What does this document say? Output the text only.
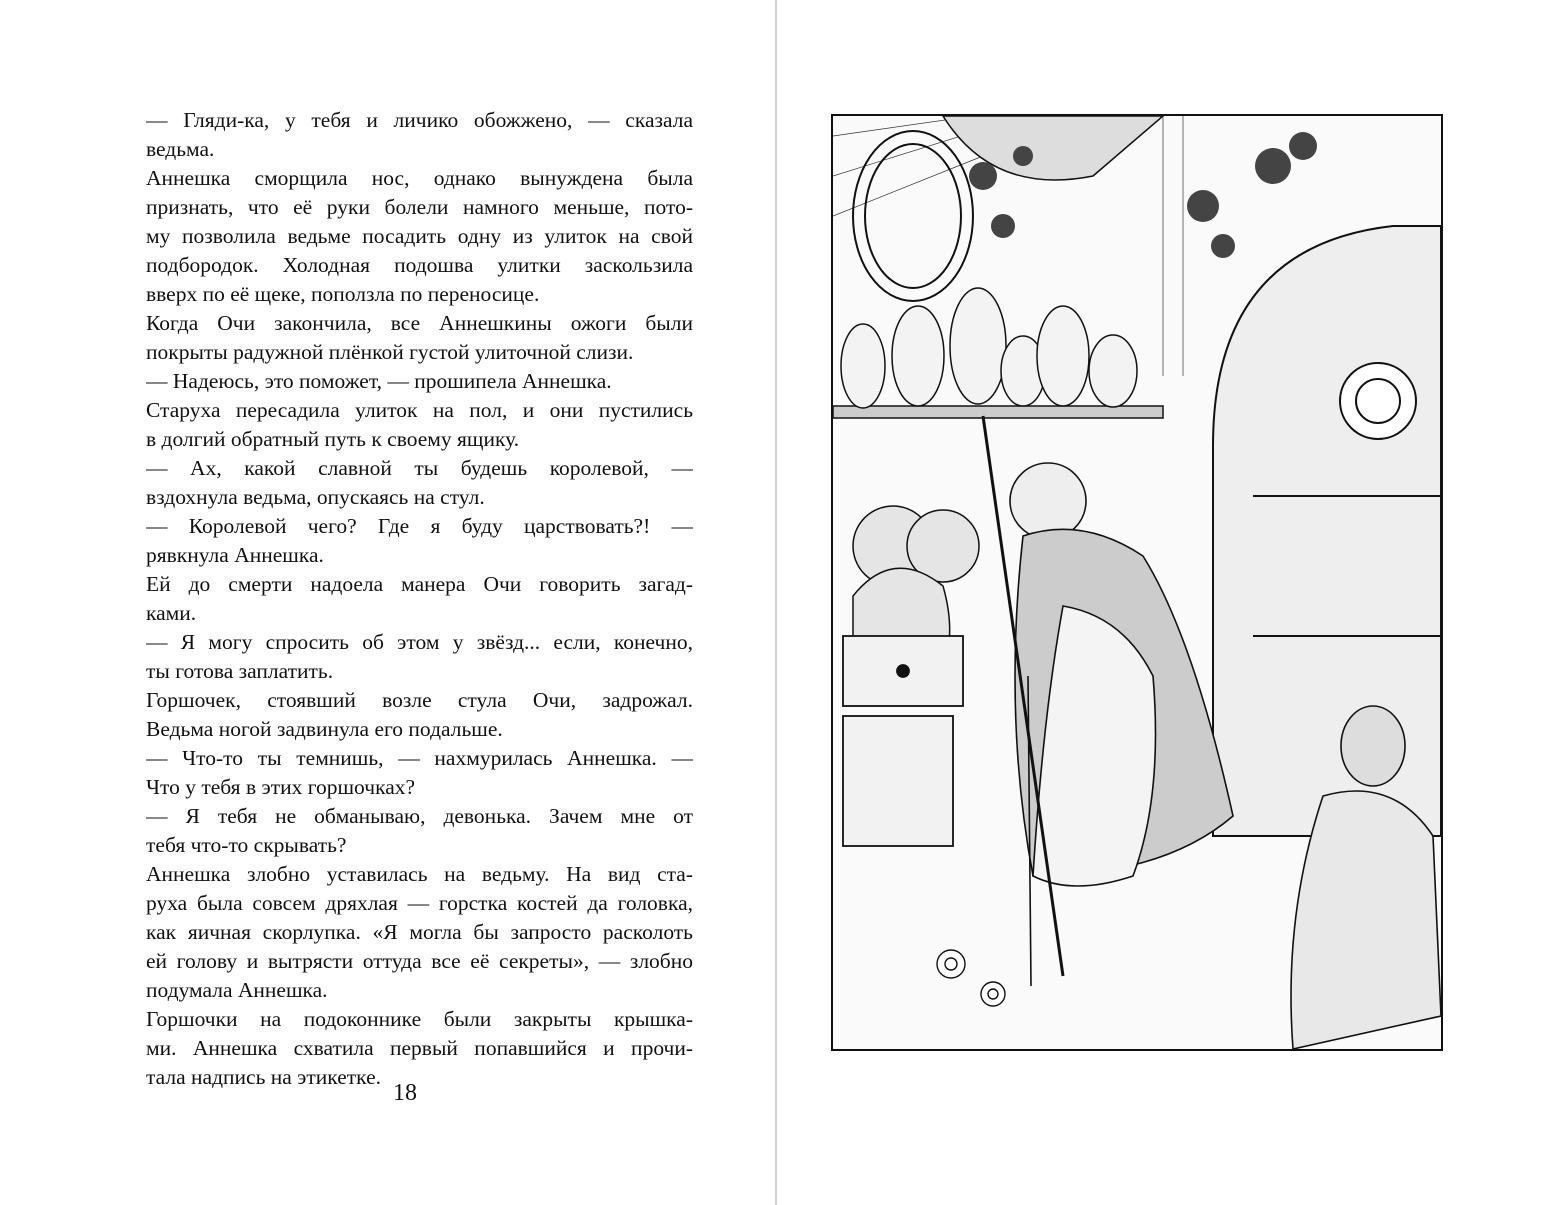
— Гляди-ка, у тебя и личико обожжено, — сказала
ведьма.
Аннешка сморщила нос, однако вынуждена была
признать, что её руки болели намного меньше, пото-
му позволила ведьме посадить одну из улиток на свой
подбородок. Холодная подошва улитки заскользила
вверх по её щеке, поползла по переносице.
Когда Очи закончила, все Аннешкины ожоги были
покрыты радужной плёнкой густой улиточной слизи.
— Надеюсь, это поможет, — прошипела Аннешка.
Старуха пересадила улиток на пол, и они пустились
в долгий обратный путь к своему ящику.
— Ах, какой славной ты будешь королевой, —
вздохнула ведьма, опускаясь на стул.
— Королевой чего? Где я буду царствовать?! —
рявкнула Аннешка.
Ей до смерти надоела манера Очи говорить загад-
ками.
— Я могу спросить об этом у звёзд... если, конечно,
ты готова заплатить.
Горшочек, стоявший возле стула Очи, задрожал.
Ведьма ногой задвинула его подальше.
— Что-то ты темнишь, — нахмурилась Аннешка. —
Что у тебя в этих горшочках?
— Я тебя не обманываю, девонька. Зачем мне от
тебя что-то скрывать?
Аннешка злобно уставилась на ведьму. На вид ста-
руха была совсем дряхлая — горстка костей да головка,
как яичная скорлупка. «Я могла бы запросто расколоть
ей голову и вытрясти оттуда все её секреты», — злобно
подумала Аннешка.
Горшочки на подоконнике были закрыты крышка-
ми. Аннешка схватила первый попавшийся и прочи-
тала надпись на этикетке.
18
